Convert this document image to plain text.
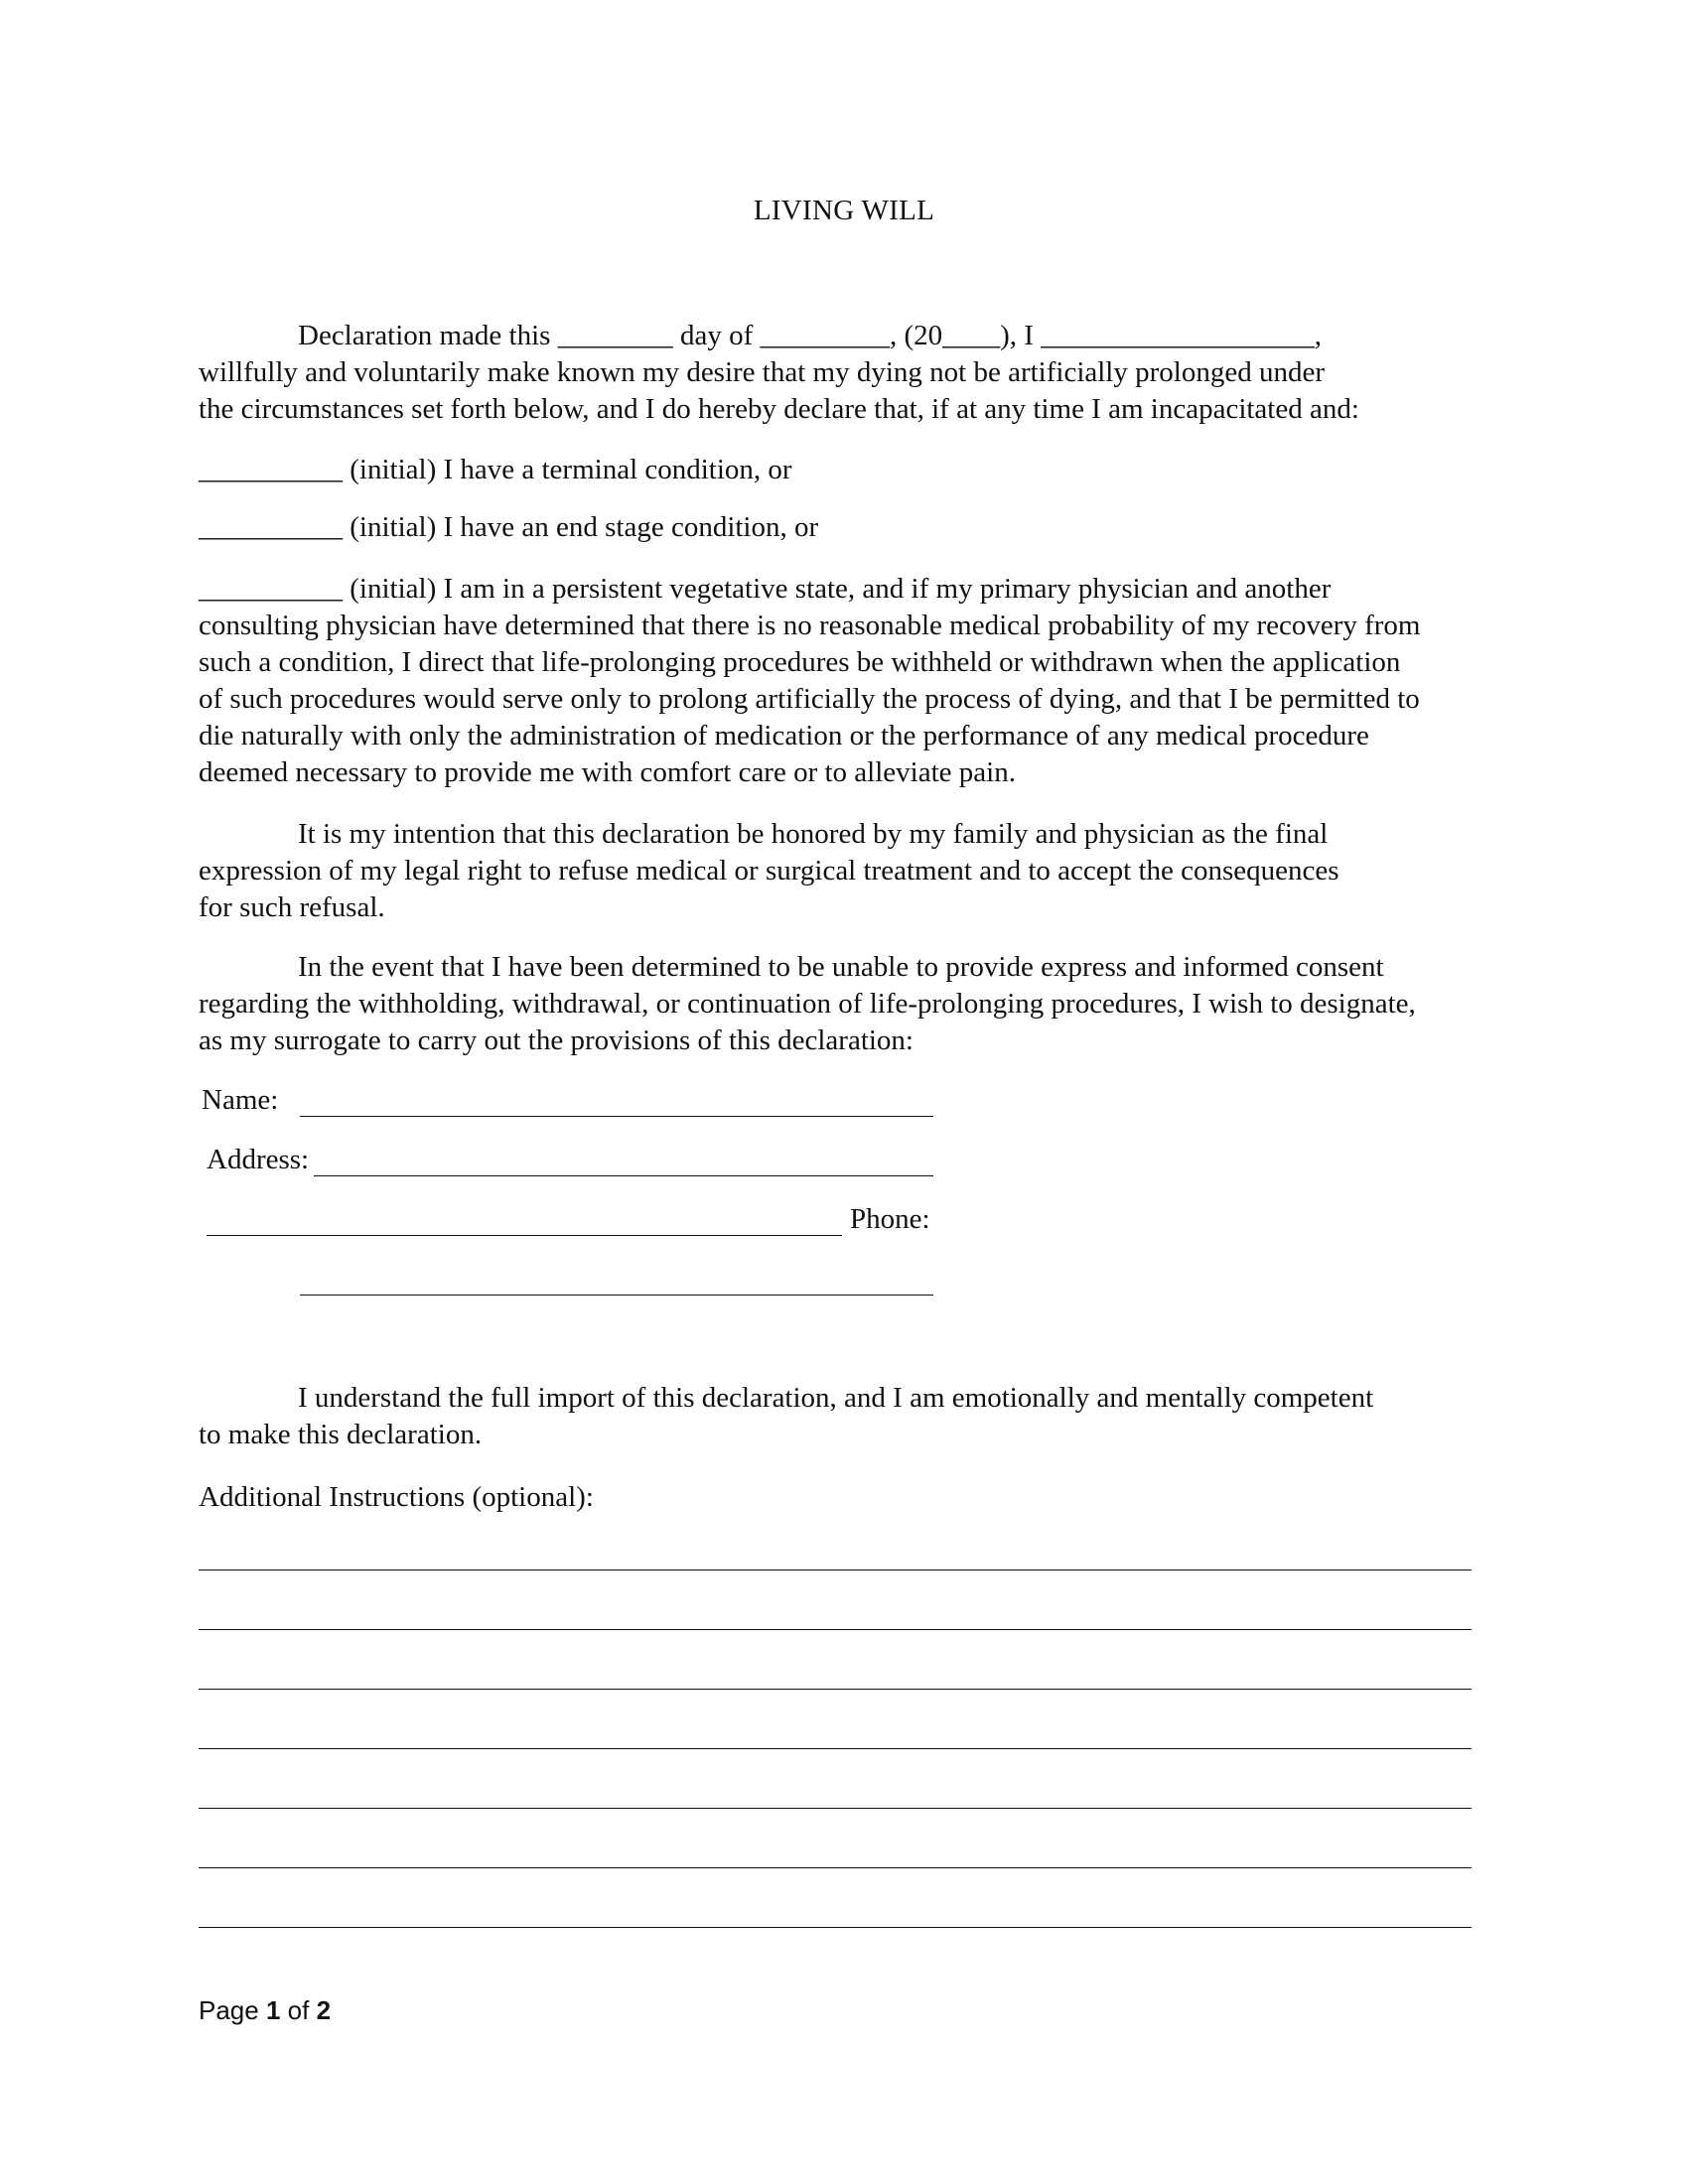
LIVING WILL
Declaration made this ________ day of _________, (20____), I ___________________,
willfully and voluntarily make known my desire that my dying not be artificially prolonged under
the circumstances set forth below, and I do hereby declare that, if at any time I am incapacitated and:
__________ (initial) I have a terminal condition, or
__________ (initial) I have an end stage condition, or
__________ (initial) I am in a persistent vegetative state, and if my primary physician and another
consulting physician have determined that there is no reasonable medical probability of my recovery from
such a condition, I direct that life-prolonging procedures be withheld or withdrawn when the application
of such procedures would serve only to prolong artificially the process of dying, and that I be permitted to
die naturally with only the administration of medication or the performance of any medical procedure
deemed necessary to provide me with comfort care or to alleviate pain.
It is my intention that this declaration be honored by my family and physician as the final
expression of my legal right to refuse medical or surgical treatment and to accept the consequences
for such refusal.
In the event that I have been determined to be unable to provide express and informed consent
regarding the withholding, withdrawal, or continuation of life-prolonging procedures, I wish to designate,
as my surrogate to carry out the provisions of this declaration:
Name:
Address:
Phone:
I understand the full import of this declaration, and I am emotionally and mentally competent
to make this declaration.
Additional Instructions (optional):
Page 1 of 2
